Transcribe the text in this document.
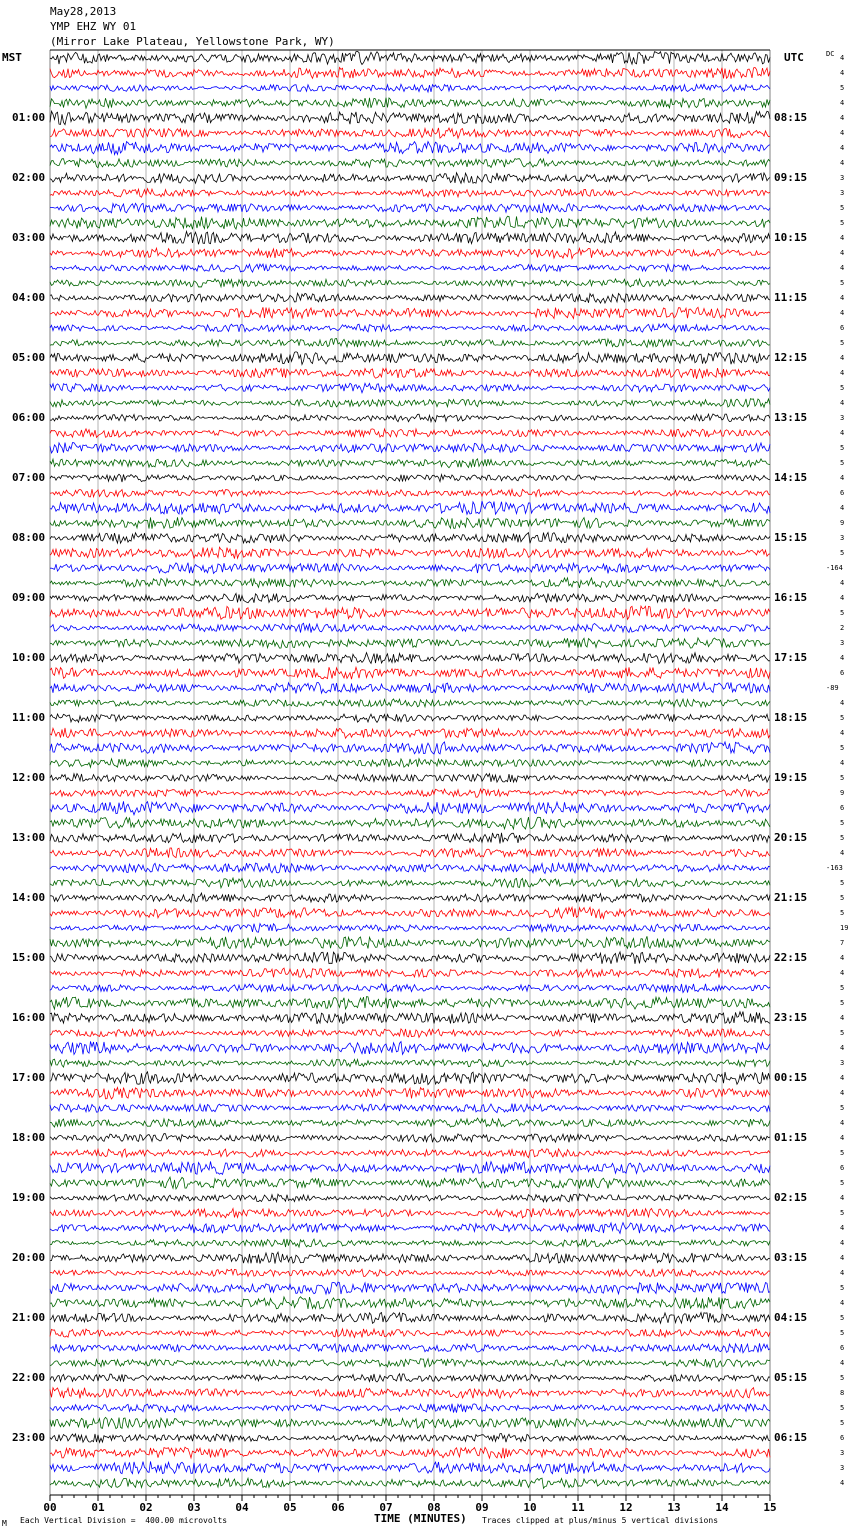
May28,2013
YMP EHZ WY 01
(Mirror Lake Plateau, Yellowstone Park, WY)
MST	UTC	DC
01:00
02:00
03:00
04:00
05:00
06:00
07:00
08:00
09:00
10:00
11:00
12:00
13:00
14:00
15:00
16:00
17:00
18:00
19:00
20:00
21:00
22:00
23:00
08:15
09:15
10:15
11:15
12:15
13:15
14:15
15:15
16:15
17:15
18:15
19:15
20:15
21:15
22:15
23:15
00:15
01:15
02:15
03:15
04:15
05:15
06:15
4
4
5
4
4
4
4
4
3
3
5
5
4
4
4
5
4
4
6
5
4
4
5
4
3
4
5
5
4
6
4
9
3
5
-164
4
4
5
2
3
4
6
-89
4
5
4
5
4
5
9
6
5
5
4
-163
5
5
5
19
7
4
4
5
5
4
5
4
3
4
4
5
4
4
5
6
5
4
5
4
4
4
4
5
4
5
5
6
4
5
8
5
5
6
3
3
4
00	01	02	03	04	05	06	07	08	09	10	11	12	13	14	15
M Each Vertical Division =  400.00 microvolts	TIME (MINUTES) Traces clipped at plus/minus 5 vertical divisions
